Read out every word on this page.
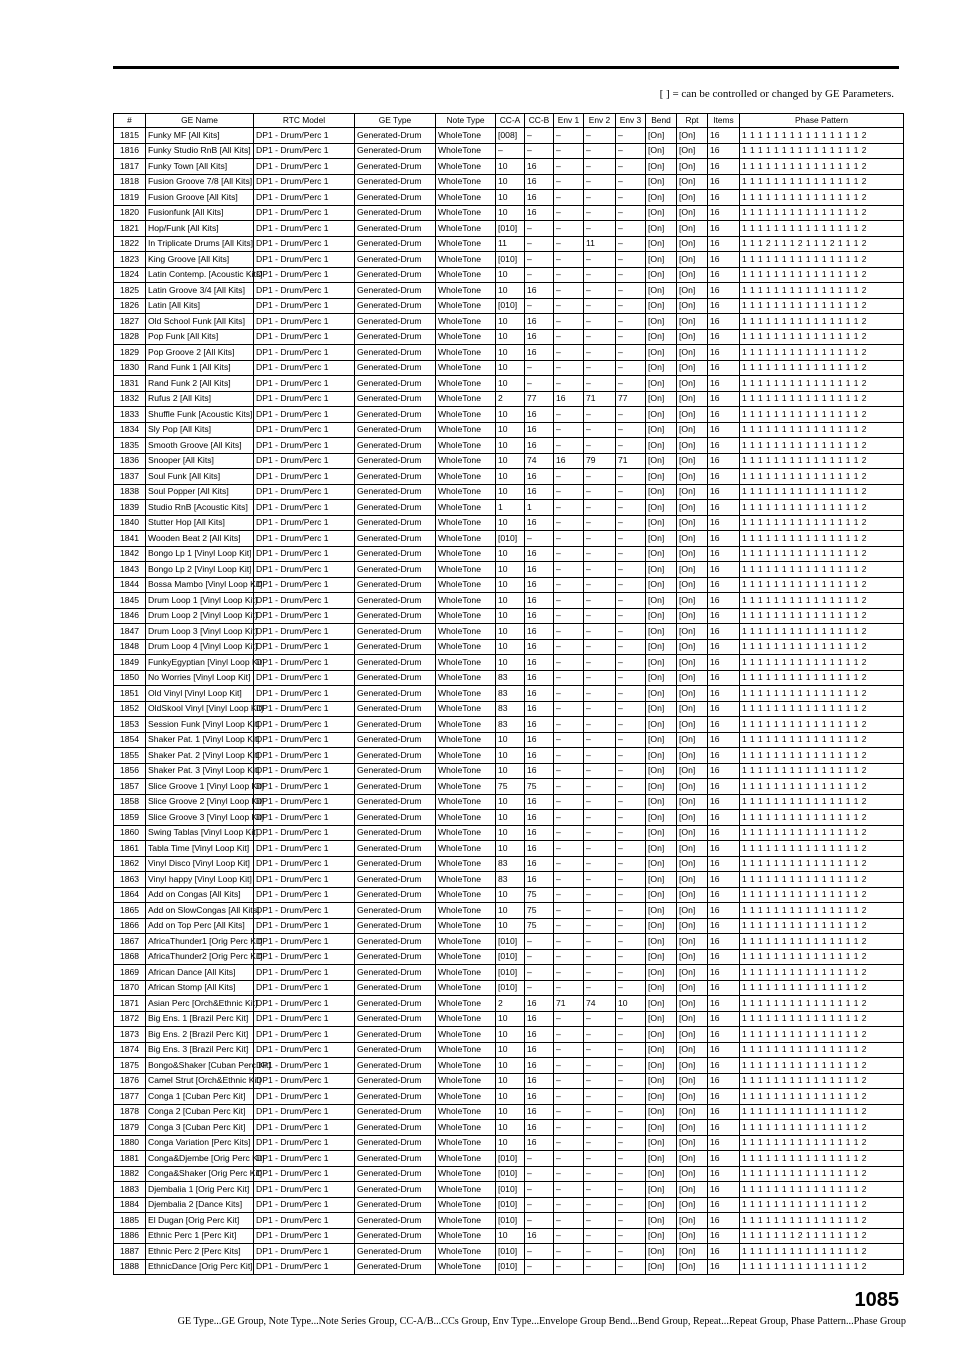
[ ] = can be controlled or changed by GE Parameters.
#	GE Name	RTC Model	GE Type	Note Type	CC-A	CC-B	Env 1	Env 2	Env 3	Bend	Rpt	Items	Phase Pattern
1815	Funky MF [All Kits]	DP1 - Drum/Perc 1	Generated-Drum	WholeTone	[008]	–	–	–	–	[On]	[On]	16	1 1 1 1 1 1 1 1 1 1 1 1 1 1 1 2
1816	Funky Studio RnB [All Kits]	DP1 - Drum/Perc 1	Generated-Drum	WholeTone	–	–	–	–	–	[On]	[On]	16	1 1 1 1 1 1 1 1 1 1 1 1 1 1 1 2
1817	Funky Town [All Kits]	DP1 - Drum/Perc 1	Generated-Drum	WholeTone	10	16	–	–	–	[On]	[On]	16	1 1 1 1 1 1 1 1 1 1 1 1 1 1 1 2
1818	Fusion Groove 7/8 [All Kits]	DP1 - Drum/Perc 1	Generated-Drum	WholeTone	10	16	–	–	–	[On]	[On]	16	1 1 1 1 1 1 1 1 1 1 1 1 1 1 1 2
1819	Fusion Groove [All Kits]	DP1 - Drum/Perc 1	Generated-Drum	WholeTone	10	16	–	–	–	[On]	[On]	16	1 1 1 1 1 1 1 1 1 1 1 1 1 1 1 2
1820	Fusionfunk [All Kits]	DP1 - Drum/Perc 1	Generated-Drum	WholeTone	10	16	–	–	–	[On]	[On]	16	1 1 1 1 1 1 1 1 1 1 1 1 1 1 1 2
1821	Hop/Funk [All Kits]	DP1 - Drum/Perc 1	Generated-Drum	WholeTone	[010]	–	–	–	–	[On]	[On]	16	1 1 1 1 1 1 1 1 1 1 1 1 1 1 1 2
1822	In Triplicate Drums [All Kits]	DP1 - Drum/Perc 1	Generated-Drum	WholeTone	11	–	–	11	–	[On]	[On]	16	1 1 1 2 1 1 1 2 1 1 1 2 1 1 1 2
1823	King Groove [All Kits]	DP1 - Drum/Perc 1	Generated-Drum	WholeTone	[010]	–	–	–	–	[On]	[On]	16	1 1 1 1 1 1 1 1 1 1 1 1 1 1 1 2
1824	Latin Contemp. [Acoustic Kits]	DP1 - Drum/Perc 1	Generated-Drum	WholeTone	10	–	–	–	–	[On]	[On]	16	1 1 1 1 1 1 1 1 1 1 1 1 1 1 1 2
1825	Latin Groove 3/4 [All Kits]	DP1 - Drum/Perc 1	Generated-Drum	WholeTone	10	16	–	–	–	[On]	[On]	16	1 1 1 1 1 1 1 1 1 1 1 1 1 1 1 2
1826	Latin [All Kits]	DP1 - Drum/Perc 1	Generated-Drum	WholeTone	[010]	–	–	–	–	[On]	[On]	16	1 1 1 1 1 1 1 1 1 1 1 1 1 1 1 2
1827	Old School Funk [All Kits]	DP1 - Drum/Perc 1	Generated-Drum	WholeTone	10	16	–	–	–	[On]	[On]	16	1 1 1 1 1 1 1 1 1 1 1 1 1 1 1 2
1828	Pop Funk [All Kits]	DP1 - Drum/Perc 1	Generated-Drum	WholeTone	10	16	–	–	–	[On]	[On]	16	1 1 1 1 1 1 1 1 1 1 1 1 1 1 1 2
1829	Pop Groove 2 [All Kits]	DP1 - Drum/Perc 1	Generated-Drum	WholeTone	10	16	–	–	–	[On]	[On]	16	1 1 1 1 1 1 1 1 1 1 1 1 1 1 1 2
1830	Rand Funk 1 [All Kits]	DP1 - Drum/Perc 1	Generated-Drum	WholeTone	10	–	–	–	–	[On]	[On]	16	1 1 1 1 1 1 1 1 1 1 1 1 1 1 1 2
1831	Rand Funk 2 [All Kits]	DP1 - Drum/Perc 1	Generated-Drum	WholeTone	10	–	–	–	–	[On]	[On]	16	1 1 1 1 1 1 1 1 1 1 1 1 1 1 1 2
1832	Rufus 2 [All Kits]	DP1 - Drum/Perc 1	Generated-Drum	WholeTone	2	77	16	71	77	[On]	[On]	16	1 1 1 1 1 1 1 1 1 1 1 1 1 1 1 2
1833	Shuffle Funk [Acoustic Kits]	DP1 - Drum/Perc 1	Generated-Drum	WholeTone	10	16	–	–	–	[On]	[On]	16	1 1 1 1 1 1 1 1 1 1 1 1 1 1 1 2
1834	Sly Pop [All Kits]	DP1 - Drum/Perc 1	Generated-Drum	WholeTone	10	16	–	–	–	[On]	[On]	16	1 1 1 1 1 1 1 1 1 1 1 1 1 1 1 2
1835	Smooth Groove [All Kits]	DP1 - Drum/Perc 1	Generated-Drum	WholeTone	10	16	–	–	–	[On]	[On]	16	1 1 1 1 1 1 1 1 1 1 1 1 1 1 1 2
1836	Snooper [All Kits]	DP1 - Drum/Perc 1	Generated-Drum	WholeTone	10	74	16	79	71	[On]	[On]	16	1 1 1 1 1 1 1 1 1 1 1 1 1 1 1 2
1837	Soul Funk [All Kits]	DP1 - Drum/Perc 1	Generated-Drum	WholeTone	10	16	–	–	–	[On]	[On]	16	1 1 1 1 1 1 1 1 1 1 1 1 1 1 1 2
1838	Soul Popper [All Kits]	DP1 - Drum/Perc 1	Generated-Drum	WholeTone	10	16	–	–	–	[On]	[On]	16	1 1 1 1 1 1 1 1 1 1 1 1 1 1 1 2
1839	Studio RnB [Acoustic Kits]	DP1 - Drum/Perc 1	Generated-Drum	WholeTone	1	1	–	–	–	[On]	[On]	16	1 1 1 1 1 1 1 1 1 1 1 1 1 1 1 2
1840	Stutter Hop [All Kits]	DP1 - Drum/Perc 1	Generated-Drum	WholeTone	10	16	–	–	–	[On]	[On]	16	1 1 1 1 1 1 1 1 1 1 1 1 1 1 1 2
1841	Wooden Beat 2 [All Kits]	DP1 - Drum/Perc 1	Generated-Drum	WholeTone	[010]	–	–	–	–	[On]	[On]	16	1 1 1 1 1 1 1 1 1 1 1 1 1 1 1 2
1842	Bongo Lp 1 [Vinyl Loop Kit]	DP1 - Drum/Perc 1	Generated-Drum	WholeTone	10	16	–	–	–	[On]	[On]	16	1 1 1 1 1 1 1 1 1 1 1 1 1 1 1 2
1843	Bongo Lp 2 [Vinyl Loop Kit]	DP1 - Drum/Perc 1	Generated-Drum	WholeTone	10	16	–	–	–	[On]	[On]	16	1 1 1 1 1 1 1 1 1 1 1 1 1 1 1 2
1844	Bossa Mambo [Vinyl Loop Kit]	DP1 - Drum/Perc 1	Generated-Drum	WholeTone	10	16	–	–	–	[On]	[On]	16	1 1 1 1 1 1 1 1 1 1 1 1 1 1 1 2
1845	Drum Loop 1 [Vinyl Loop Kit]	DP1 - Drum/Perc 1	Generated-Drum	WholeTone	10	16	–	–	–	[On]	[On]	16	1 1 1 1 1 1 1 1 1 1 1 1 1 1 1 2
1846	Drum Loop 2 [Vinyl Loop Kit]	DP1 - Drum/Perc 1	Generated-Drum	WholeTone	10	16	–	–	–	[On]	[On]	16	1 1 1 1 1 1 1 1 1 1 1 1 1 1 1 2
1847	Drum Loop 3 [Vinyl Loop Kit]	DP1 - Drum/Perc 1	Generated-Drum	WholeTone	10	16	–	–	–	[On]	[On]	16	1 1 1 1 1 1 1 1 1 1 1 1 1 1 1 2
1848	Drum Loop 4 [Vinyl Loop Kit]	DP1 - Drum/Perc 1	Generated-Drum	WholeTone	10	16	–	–	–	[On]	[On]	16	1 1 1 1 1 1 1 1 1 1 1 1 1 1 1 2
1849	FunkyEgyptian [Vinyl Loop Kit]	DP1 - Drum/Perc 1	Generated-Drum	WholeTone	10	16	–	–	–	[On]	[On]	16	1 1 1 1 1 1 1 1 1 1 1 1 1 1 1 2
1850	No Worries [Vinyl Loop Kit]	DP1 - Drum/Perc 1	Generated-Drum	WholeTone	83	16	–	–	–	[On]	[On]	16	1 1 1 1 1 1 1 1 1 1 1 1 1 1 1 2
1851	Old Vinyl [Vinyl Loop Kit]	DP1 - Drum/Perc 1	Generated-Drum	WholeTone	83	16	–	–	–	[On]	[On]	16	1 1 1 1 1 1 1 1 1 1 1 1 1 1 1 2
1852	OldSkool Vinyl [Vinyl Loop Kit]	DP1 - Drum/Perc 1	Generated-Drum	WholeTone	83	16	–	–	–	[On]	[On]	16	1 1 1 1 1 1 1 1 1 1 1 1 1 1 1 2
1853	Session Funk [Vinyl Loop Kit]	DP1 - Drum/Perc 1	Generated-Drum	WholeTone	83	16	–	–	–	[On]	[On]	16	1 1 1 1 1 1 1 1 1 1 1 1 1 1 1 2
1854	Shaker Pat. 1 [Vinyl Loop Kit]	DP1 - Drum/Perc 1	Generated-Drum	WholeTone	10	16	–	–	–	[On]	[On]	16	1 1 1 1 1 1 1 1 1 1 1 1 1 1 1 2
1855	Shaker Pat. 2 [Vinyl Loop Kit]	DP1 - Drum/Perc 1	Generated-Drum	WholeTone	10	16	–	–	–	[On]	[On]	16	1 1 1 1 1 1 1 1 1 1 1 1 1 1 1 2
1856	Shaker Pat. 3 [Vinyl Loop Kit]	DP1 - Drum/Perc 1	Generated-Drum	WholeTone	10	16	–	–	–	[On]	[On]	16	1 1 1 1 1 1 1 1 1 1 1 1 1 1 1 2
1857	Slice Groove 1 [Vinyl Loop Kit]	DP1 - Drum/Perc 1	Generated-Drum	WholeTone	75	75	–	–	–	[On]	[On]	16	1 1 1 1 1 1 1 1 1 1 1 1 1 1 1 2
1858	Slice Groove 2 [Vinyl Loop Kit]	DP1 - Drum/Perc 1	Generated-Drum	WholeTone	10	16	–	–	–	[On]	[On]	16	1 1 1 1 1 1 1 1 1 1 1 1 1 1 1 2
1859	Slice Groove 3 [Vinyl Loop Kit]	DP1 - Drum/Perc 1	Generated-Drum	WholeTone	10	16	–	–	–	[On]	[On]	16	1 1 1 1 1 1 1 1 1 1 1 1 1 1 1 2
1860	Swing Tablas [Vinyl Loop Kit]	DP1 - Drum/Perc 1	Generated-Drum	WholeTone	10	16	–	–	–	[On]	[On]	16	1 1 1 1 1 1 1 1 1 1 1 1 1 1 1 2
1861	Tabla Time [Vinyl Loop Kit]	DP1 - Drum/Perc 1	Generated-Drum	WholeTone	10	16	–	–	–	[On]	[On]	16	1 1 1 1 1 1 1 1 1 1 1 1 1 1 1 2
1862	Vinyl Disco [Vinyl Loop Kit]	DP1 - Drum/Perc 1	Generated-Drum	WholeTone	83	16	–	–	–	[On]	[On]	16	1 1 1 1 1 1 1 1 1 1 1 1 1 1 1 2
1863	Vinyl happy [Vinyl Loop Kit]	DP1 - Drum/Perc 1	Generated-Drum	WholeTone	83	16	–	–	–	[On]	[On]	16	1 1 1 1 1 1 1 1 1 1 1 1 1 1 1 2
1864	Add on Congas [All Kits]	DP1 - Drum/Perc 1	Generated-Drum	WholeTone	10	75	–	–	–	[On]	[On]	16	1 1 1 1 1 1 1 1 1 1 1 1 1 1 1 2
1865	Add on SlowCongas [All Kits]	DP1 - Drum/Perc 1	Generated-Drum	WholeTone	10	75	–	–	–	[On]	[On]	16	1 1 1 1 1 1 1 1 1 1 1 1 1 1 1 2
1866	Add on Top Perc [All Kits]	DP1 - Drum/Perc 1	Generated-Drum	WholeTone	10	75	–	–	–	[On]	[On]	16	1 1 1 1 1 1 1 1 1 1 1 1 1 1 1 2
1867	AfricaThunder1 [Orig Perc Kit]	DP1 - Drum/Perc 1	Generated-Drum	WholeTone	[010]	–	–	–	–	[On]	[On]	16	1 1 1 1 1 1 1 1 1 1 1 1 1 1 1 2
1868	AfricaThunder2 [Orig Perc Kit]	DP1 - Drum/Perc 1	Generated-Drum	WholeTone	[010]	–	–	–	–	[On]	[On]	16	1 1 1 1 1 1 1 1 1 1 1 1 1 1 1 2
1869	African Dance [All Kits]	DP1 - Drum/Perc 1	Generated-Drum	WholeTone	[010]	–	–	–	–	[On]	[On]	16	1 1 1 1 1 1 1 1 1 1 1 1 1 1 1 2
1870	African Stomp [All Kits]	DP1 - Drum/Perc 1	Generated-Drum	WholeTone	[010]	–	–	–	–	[On]	[On]	16	1 1 1 1 1 1 1 1 1 1 1 1 1 1 1 2
1871	Asian Perc [Orch&Ethnic Kit]	DP1 - Drum/Perc 1	Generated-Drum	WholeTone	2	16	71	74	10	[On]	[On]	16	1 1 1 1 1 1 1 1 1 1 1 1 1 1 1 2
1872	Big Ens. 1 [Brazil Perc Kit]	DP1 - Drum/Perc 1	Generated-Drum	WholeTone	10	16	–	–	–	[On]	[On]	16	1 1 1 1 1 1 1 1 1 1 1 1 1 1 1 2
1873	Big Ens. 2 [Brazil Perc Kit]	DP1 - Drum/Perc 1	Generated-Drum	WholeTone	10	16	–	–	–	[On]	[On]	16	1 1 1 1 1 1 1 1 1 1 1 1 1 1 1 2
1874	Big Ens. 3 [Brazil Perc Kit]	DP1 - Drum/Perc 1	Generated-Drum	WholeTone	10	16	–	–	–	[On]	[On]	16	1 1 1 1 1 1 1 1 1 1 1 1 1 1 1 2
1875	Bongo&Shaker [Cuban Perc Kit]	DP1 - Drum/Perc 1	Generated-Drum	WholeTone	10	16	–	–	–	[On]	[On]	16	1 1 1 1 1 1 1 1 1 1 1 1 1 1 1 2
1876	Camel Strut [Orch&Ethnic Kit]	DP1 - Drum/Perc 1	Generated-Drum	WholeTone	10	16	–	–	–	[On]	[On]	16	1 1 1 1 1 1 1 1 1 1 1 1 1 1 1 2
1877	Conga 1 [Cuban Perc Kit]	DP1 - Drum/Perc 1	Generated-Drum	WholeTone	10	16	–	–	–	[On]	[On]	16	1 1 1 1 1 1 1 1 1 1 1 1 1 1 1 2
1878	Conga 2 [Cuban Perc Kit]	DP1 - Drum/Perc 1	Generated-Drum	WholeTone	10	16	–	–	–	[On]	[On]	16	1 1 1 1 1 1 1 1 1 1 1 1 1 1 1 2
1879	Conga 3 [Cuban Perc Kit]	DP1 - Drum/Perc 1	Generated-Drum	WholeTone	10	16	–	–	–	[On]	[On]	16	1 1 1 1 1 1 1 1 1 1 1 1 1 1 1 2
1880	Conga Variation [Perc Kits]	DP1 - Drum/Perc 1	Generated-Drum	WholeTone	10	16	–	–	–	[On]	[On]	16	1 1 1 1 1 1 1 1 1 1 1 1 1 1 1 2
1881	Conga&Djembe [Orig Perc Kit]	DP1 - Drum/Perc 1	Generated-Drum	WholeTone	[010]	–	–	–	–	[On]	[On]	16	1 1 1 1 1 1 1 1 1 1 1 1 1 1 1 2
1882	Conga&Shaker [Orig Perc Kit]	DP1 - Drum/Perc 1	Generated-Drum	WholeTone	[010]	–	–	–	–	[On]	[On]	16	1 1 1 1 1 1 1 1 1 1 1 1 1 1 1 2
1883	Djembalia 1 [Orig Perc Kit]	DP1 - Drum/Perc 1	Generated-Drum	WholeTone	[010]	–	–	–	–	[On]	[On]	16	1 1 1 1 1 1 1 1 1 1 1 1 1 1 1 2
1884	Djembalia 2 [Dance Kits]	DP1 - Drum/Perc 1	Generated-Drum	WholeTone	[010]	–	–	–	–	[On]	[On]	16	1 1 1 1 1 1 1 1 1 1 1 1 1 1 1 2
1885	El Dugan [Orig Perc Kit]	DP1 - Drum/Perc 1	Generated-Drum	WholeTone	[010]	–	–	–	–	[On]	[On]	16	1 1 1 1 1 1 1 1 1 1 1 1 1 1 1 2
1886	Ethnic Perc 1 [Perc Kit]	DP1 - Drum/Perc 1	Generated-Drum	WholeTone	10	16	–	–	–	[On]	[On]	16	1 1 1 1 1 1 1 2 1 1 1 1 1 1 1 2
1887	Ethnic Perc 2 [Perc Kits]	DP1 - Drum/Perc 1	Generated-Drum	WholeTone	[010]	–	–	–	–	[On]	[On]	16	1 1 1 1 1 1 1 1 1 1 1 1 1 1 1 2
1888	EthnicDance [Orig Perc Kit]	DP1 - Drum/Perc 1	Generated-Drum	WholeTone	[010]	–	–	–	–	[On]	[On]	16	1 1 1 1 1 1 1 1 1 1 1 1 1 1 1 2
1085
GE Type...GE Group, Note Type...Note Series Group, CC-A/B...CCs Group, Env Type...Envelope Group Bend...Bend Group, Repeat...Repeat Group, Phase Pattern...Phase Group
